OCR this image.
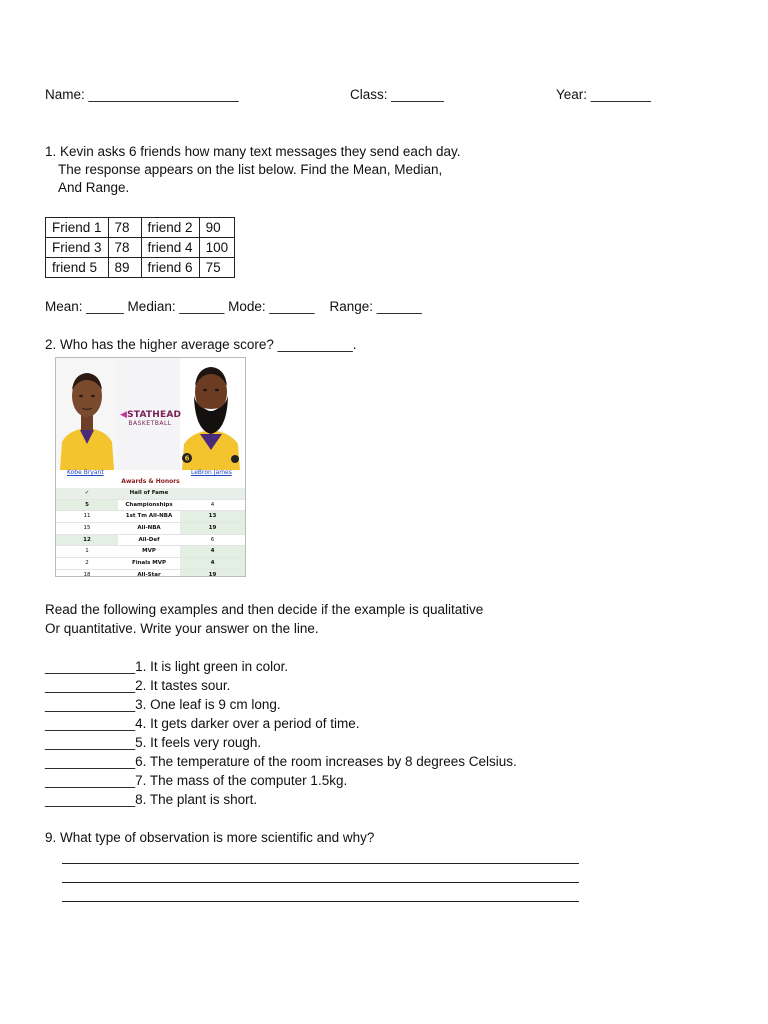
Name: ____________________	Class: _______	Year: ________
1. Kevin asks 6 friends how many text messages they send each day.
The response appears on the list below. Find the Mean, Median,
And Range.
Friend 1	78	friend 2	90
Friend 3	78	friend 4	100
friend 5	89	friend 6	75
Mean: _____ Median: ______ Mode: ______    Range: ______
2. Who has the higher average score? __________.
6
◀STATHEAD
BASKETBALL
Kobe Bryant	LeBron James
Awards & Honors
✓	Hall of Fame
5	Championships	4
11	1st Tm All-NBA	13
15	All-NBA	19
12	All-Def	6
1	MVP	4
2	Finals MVP	4
18	All-Star	19
Read the following examples and then decide if the example is qualitative
Or quantitative. Write your answer on the line.
____________1. It is light green in color.
____________2. It tastes sour.
____________3. One leaf is 9 cm long.
____________4. It gets darker over a period of time.
____________5. It feels very rough.
____________6. The temperature of the room increases by 8 degrees Celsius.
____________7. The mass of the computer 1.5kg.
____________8. The plant is short.
9. What type of observation is more scientific and why?
